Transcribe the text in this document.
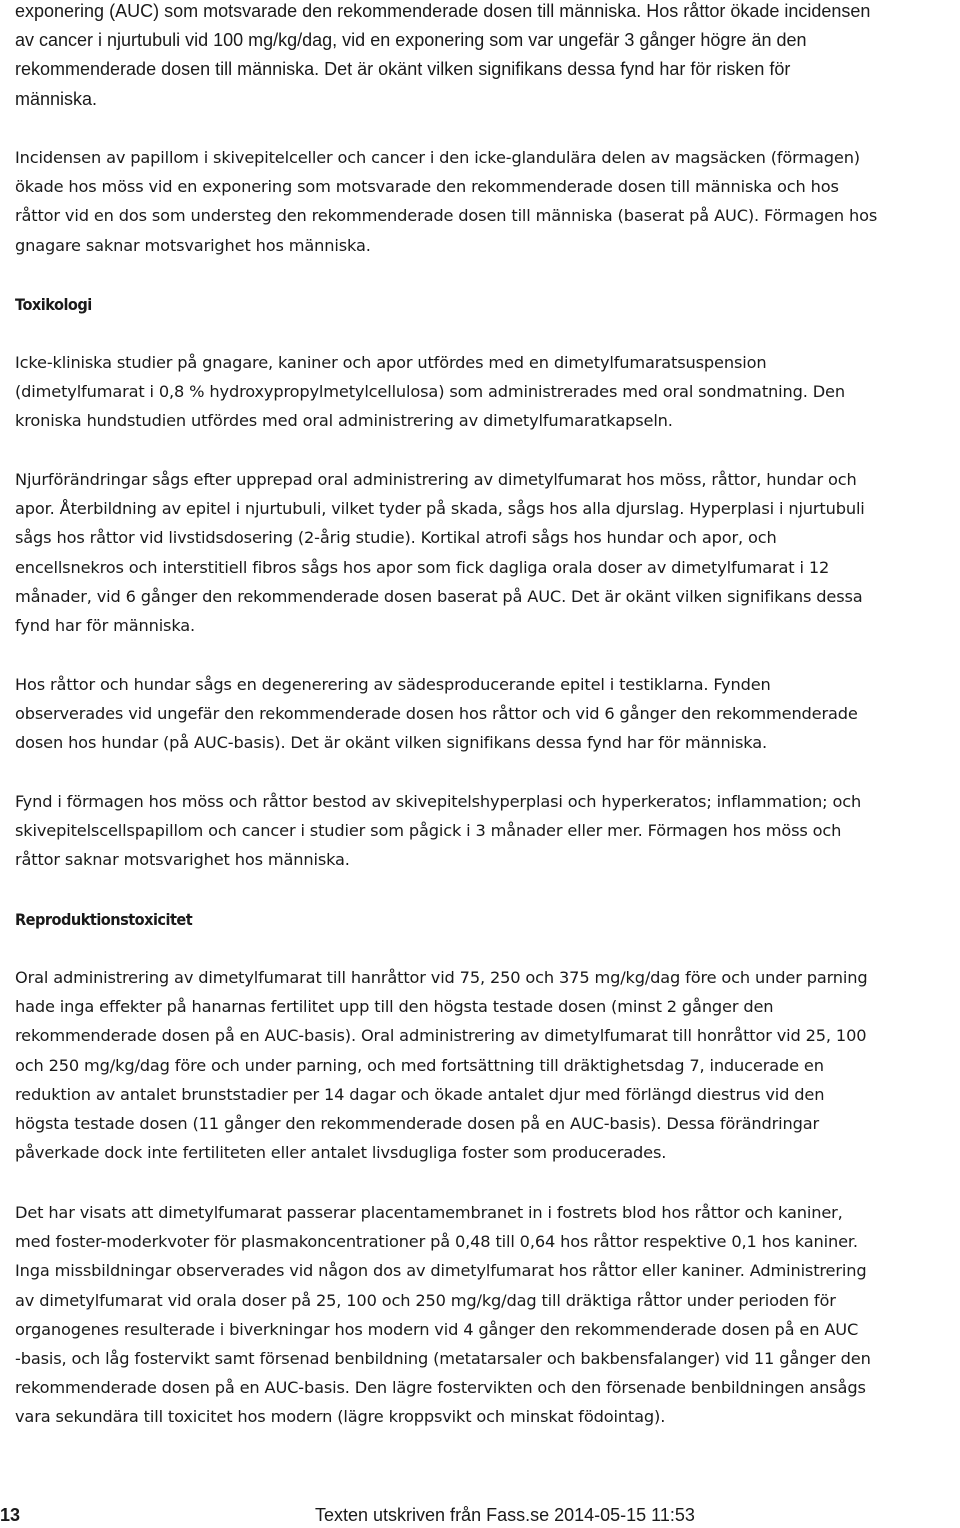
exponering (AUC) som motsvarade den rekommenderade dosen till människa. Hos råttor ökade incidensen
av cancer i njurtubuli vid 100 mg/kg/dag, vid en exponering som var ungefär 3 gånger högre än den
rekommenderade dosen till människa. Det är okänt vilken signifikans dessa fynd har för risken för
människa.
Incidensen av papillom i skivepitelceller och cancer i den icke-glandulära delen av magsäcken (förmagen)
ökade hos möss vid en exponering som motsvarade den rekommenderade dosen till människa och hos
råttor vid en dos som understeg den rekommenderade dosen till människa (baserat på AUC). Förmagen hos
gnagare saknar motsvarighet hos människa.
Toxikologi
Icke-kliniska studier på gnagare, kaniner och apor utfördes med en dimetylfumaratsuspension
(dimetylfumarat i 0,8 % hydroxypropylmetylcellulosa) som administrerades med oral sondmatning. Den
kroniska hundstudien utfördes med oral administrering av dimetylfumaratkapseln.
Njurförändringar sågs efter upprepad oral administrering av dimetylfumarat hos möss, råttor, hundar och
apor. Återbildning av epitel i njurtubuli, vilket tyder på skada, sågs hos alla djurslag. Hyperplasi i njurtubuli
sågs hos råttor vid livstidsdosering (2-årig studie). Kortikal atrofi sågs hos hundar och apor, och
encellsnekros och interstitiell fibros sågs hos apor som fick dagliga orala doser av dimetylfumarat i 12
månader, vid 6 gånger den rekommenderade dosen baserat på AUC. Det är okänt vilken signifikans dessa
fynd har för människa.
Hos råttor och hundar sågs en degenerering av sädesproducerande epitel i testiklarna. Fynden
observerades vid ungefär den rekommenderade dosen hos råttor och vid 6 gånger den rekommenderade
dosen hos hundar (på AUC-basis). Det är okänt vilken signifikans dessa fynd har för människa.
Fynd i förmagen hos möss och råttor bestod av skivepitelshyperplasi och hyperkeratos; inflammation; och
skivepitelscellspapillom och cancer i studier som pågick i 3 månader eller mer. Förmagen hos möss och
råttor saknar motsvarighet hos människa.
Reproduktionstoxicitet
Oral administrering av dimetylfumarat till hanråttor vid 75, 250 och 375 mg/kg/dag före och under parning
hade inga effekter på hanarnas fertilitet upp till den högsta testade dosen (minst 2 gånger den
rekommenderade dosen på en AUC-basis). Oral administrering av dimetylfumarat till honråttor vid 25, 100
och 250 mg/kg/dag före och under parning, och med fortsättning till dräktighetsdag 7, inducerade en
reduktion av antalet brunststadier per 14 dagar och ökade antalet djur med förlängd diestrus vid den
högsta testade dosen (11 gånger den rekommenderade dosen på en AUC-basis). Dessa förändringar
påverkade dock inte fertiliteten eller antalet livsdugliga foster som producerades.
Det har visats att dimetylfumarat passerar placentamembranet in i fostrets blod hos råttor och kaniner,
med foster-moderkvoter för plasmakoncentrationer på 0,48 till 0,64 hos råttor respektive 0,1 hos kaniner.
Inga missbildningar observerades vid någon dos av dimetylfumarat hos råttor eller kaniner. Administrering
av dimetylfumarat vid orala doser på 25, 100 och 250 mg/kg/dag till dräktiga råttor under perioden för
organogenes resulterade i biverkningar hos modern vid 4 gånger den rekommenderade dosen på en AUC
-basis, och låg fostervikt samt försenad benbildning (metatarsaler och bakbensfalanger) vid 11 gånger den
rekommenderade dosen på en AUC-basis. Den lägre fostervikten och den försenade benbildningen ansågs
vara sekundära till toxicitet hos modern (lägre kroppsvikt och minskat födointag).
13	Texten utskriven från Fass.se 2014-05-15 11:53
